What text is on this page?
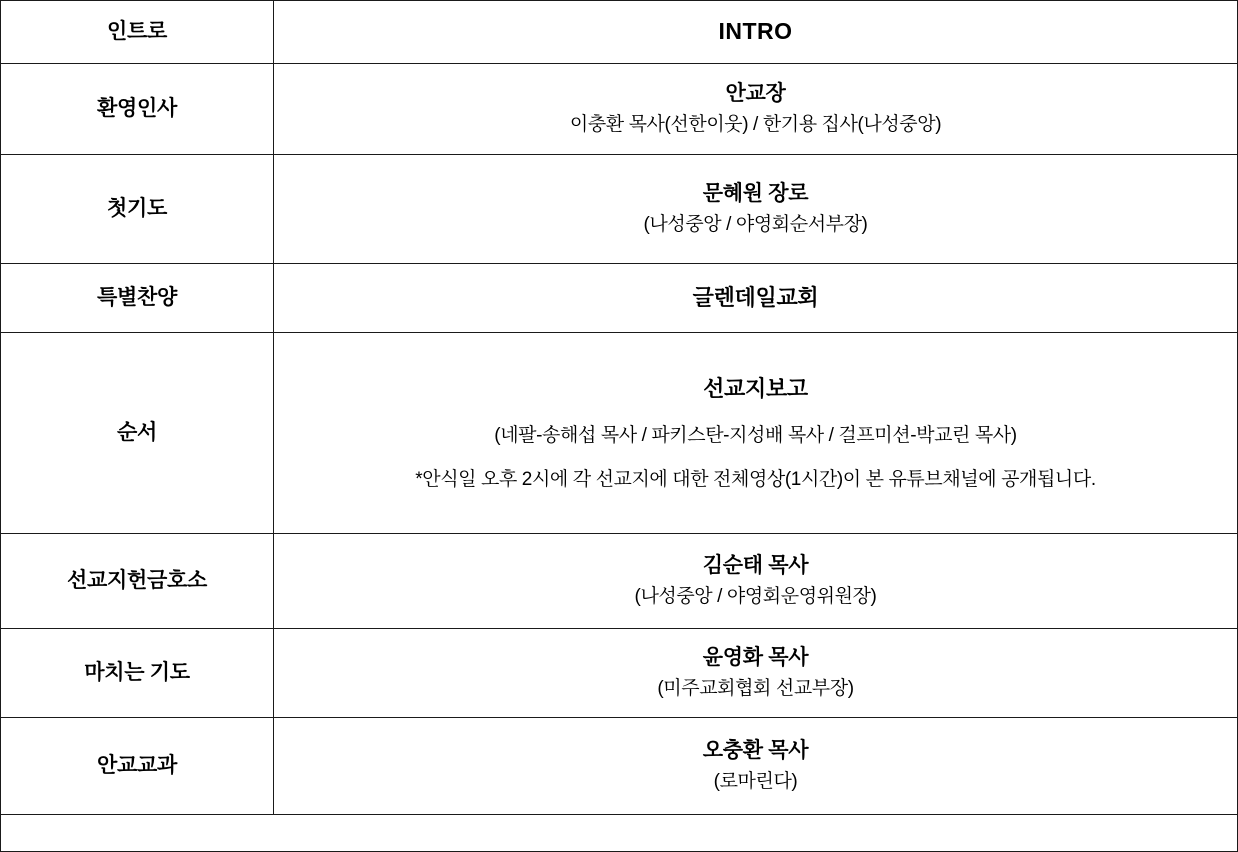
인트로	INTRO

환영인사	안교장
이충환 목사(선한이웃) / 한기용 집사(나성중앙)

첫기도	문혜원 장로
(나성중앙 / 야영회순서부장)

특별찬양	글렌데일교회

순서	선교지보고
(네팔-송해섭 목사 / 파키스탄-지성배 목사 / 걸프미션-박교린 목사)
*안식일 오후 2시에 각 선교지에 대한 전체영상(1시간)이 본 유튜브채널에 공개됩니다.

선교지헌금호소	김순태 목사
(나성중앙 / 야영회운영위원장)

마치는 기도	윤영화 목사
(미주교회협회 선교부장)

안교교과	오충환 목사
(로마린다)
